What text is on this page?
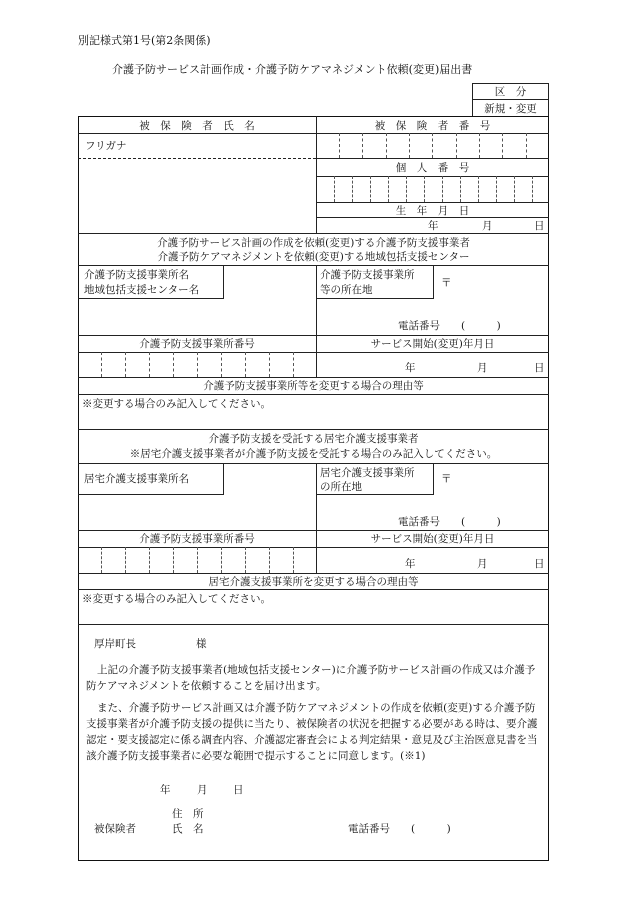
別記様式第1号(第2条関係)
介護予防サービス計画作成・介護予防ケアマネジメント依頼(変更)届出書
区　分
新規・変更
被　保　険　者　氏　名	被　保　険　者　番　号
フリガナ
個　人　番　号
生　年　月　日
年	月	日
介護予防サービス計画の作成を依頼(変更)する介護予防支援事業者
介護予防ケアマネジメントを依頼(変更)する地域包括支援センター
介護予防支援事業所名
地域包括支援センター名
介護予防支援事業所
等の所在地
〒
電話番号　　(　　　)
介護予防支援事業所番号	サービス開始(変更)年月日
年	月	日
介護予防支援事業所等を変更する場合の理由等
※変更する場合のみ記入してください。
介護予防支援を受託する居宅介護支援事業者
※居宅介護支援事業者が介護予防支援を受託する場合のみ記入してください。
居宅介護支援事業所名	居宅介護支援事業所
の所在地
〒
電話番号　　(　　　)
介護予防支援事業所番号	サービス開始(変更)年月日
年	月	日
居宅介護支援事業所を変更する場合の理由等
※変更する場合のみ記入してください。
厚岸町長	様
上記の介護予防支援事業者(地域包括支援センター)に介護予防サービス計画の作成又は介護予防ケアマネジメントを依頼することを届け出ます。
また、介護予防サービス計画又は介護予防ケアマネジメントの作成を依頼(変更)する介護予防支援事業者が介護予防支援の提供に当たり、被保険者の状況を把握する必要がある時は、要介護認定・要支援認定に係る調査内容、介護認定審査会による判定結果・意見及び主治医意見書を当該介護予防支援事業者に必要な範囲で提示することに同意します。(※1)
年	月 日
住　所
被保険者	氏　名	電話番号　　(　　　)
